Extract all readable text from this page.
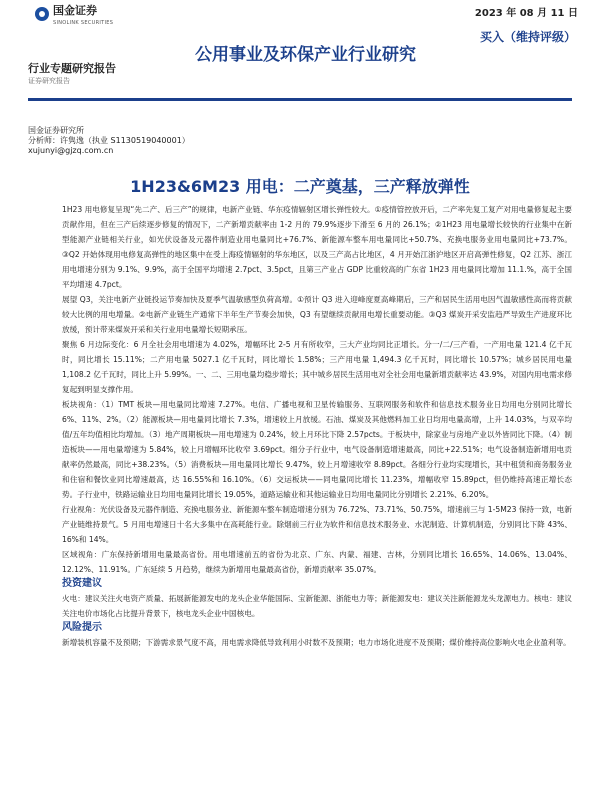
国金证券
SINOLINK SECURITIES
2023 年 08 月 11 日
买入（维持评级）
公用事业及环保产业行业研究
行业专题研究报告
证券研究报告
国金证券研究所
分析师：许隽逸（执业 S1130519040001）
xujunyi@gjzq.com.cn
1H23&6M23 用电：二产奠基，三产释放弹性

1H23 用电修复呈现“先二产、后三产”的规律，电新产业链、华东疫情辐射区增长弹性较大。①疫情管控放开后，二产率先复工复产对用电量修复起主要贡献作用，但在三产后续逐步修复的情况下，二产新增贡献率由 1-2 月的 79.9%逐步下滑至 6 月的 26.1%；②1H23 用电量增长较快的行业集中在新型能源产业链相关行业，如光伏设备及元器件制造业用电量同比+76.7%、新能源车整车用电量同比+50.7%、充换电服务业用电量同比+73.7%。③Q2 开始体现用电修复高弹性的地区集中在受上海疫情辐射的华东地区，以及三产高占比地区，4 月开始江浙沪地区开启高弹性修复，Q2 江苏、浙江用电增速分别为 9.1%、9.9%，高于全国平均增速 2.7pct、3.5pct，且第三产业占 GDP 比重较高的广东省 1H23 用电量同比增加 11.1.%，高于全国平均增速 4.7pct。

展望 Q3，关注电新产业链投运节奏加快及夏季气温敏感型负荷高增。①预计 Q3 进入迎峰度夏高峰期后，三产和居民生活用电因气温敏感性高而将贡献较大比例的用电增量。②电新产业链生产通常下半年生产节奏会加快，Q3 有望继续贡献用电增长重要动能。③Q3 煤炭开采安监趋严导致生产进度环比放缓，预计带来煤炭开采和关行业用电量增长短期承压。

聚焦 6 月边际变化：6 月全社会用电增速为 4.02%，增幅环比 2-5 月有所收窄，三大产业均同比正增长。分一/二/三产看，一产用电量 121.4 亿千瓦时，同比增长 15.11%；二产用电量 5027.1 亿千瓦时，同比增长 1.58%；三产用电量 1,494.3 亿千瓦时，同比增长 10.57%；城乡居民用电量 1,108.2 亿千瓦时，同比上升 5.99%。一、二、三用电量均稳步增长；其中城乡居民生活用电对全社会用电量新增贡献率达 43.9%，对国内用电需求修复起到明显支撑作用。

板块视角：（1）TMT 板块—用电量同比增速 7.27%。电信、广播电视和卫星传输服务、互联网服务和软件和信息技术服务业日均用电分别同比增长 6%、11%、2%。（2）能源板块—用电量同比增长 7.3%，增速较上月放缓。石油、煤炭及其他燃料加工业日均用电量高增，上升 14.03%，与双辛均值/五年均值相比均增加。（3）地产周期板块—用电增速为 0.24%，较上月环比下降 2.57pcts。于板块中，除家业与房地产业以外皆同比下降。（4）制造板块——用电量增速为 5.84%，较上月增幅环比收窄 3.69pct。细分子行业中，电气设备制造增速最高，同比+22.51%；电气设备制造新增用电贡献率仍然最高，同比+38.23%。（5）消费板块—用电量同比增长 9.47%，较上月增速收窄 8.89pct。各细分行业均实现增长，其中租赁和商务服务业和住宿和餐饮业同比增速最高，达 16.55%和 16.10%。（6）交运板块——同电量同比增长 11.23%，增幅收窄 15.89pct，但仍维持高速正增长态势。子行业中，铁路运输业日均用电量同比增长 19.05%，道路运输业和其他运输业日均用电量同比分别增长 2.21%、6.20%。

行业视角：光伏设备及元器件制造、充换电服务业、新能源车整车制造增速分别为 76.72%、73.71%、50.75%，增速前三与 1-5M23 保持一致，电新产业链维持景气。5 月用电增速日十名大多集中在高耗能行业。除烟前三行业为软件和信息技术服务业、水泥制造、计算机制造，分别同比下降 43%、16%和 14%。

区域视角：广东保持新增用电量最高省份。用电增速前五的省份为北京、广东、内蒙、福建、吉林，分别同比增长 16.65%、14.06%、13.04%、12.12%、11.91%。广东延续 5 月趋势，继续为新增用电量最高省份，新增贡献率 35.07%。

投资建议

火电：建议关注火电资产质量、拓展新能源发电的龙头企业华能国际、宝新能源、浙能电力等；新能源发电：建议关注新能源龙头龙源电力。核电：建议关注电价市场化占比提升背景下，核电龙头企业中国核电。

风险提示

新增装机容量不及预期；下游需求景气度不高，用电需求降低导致利用小时数不及预期；电力市场化进度不及预期；煤价维持高位影响火电企业盈利等。
